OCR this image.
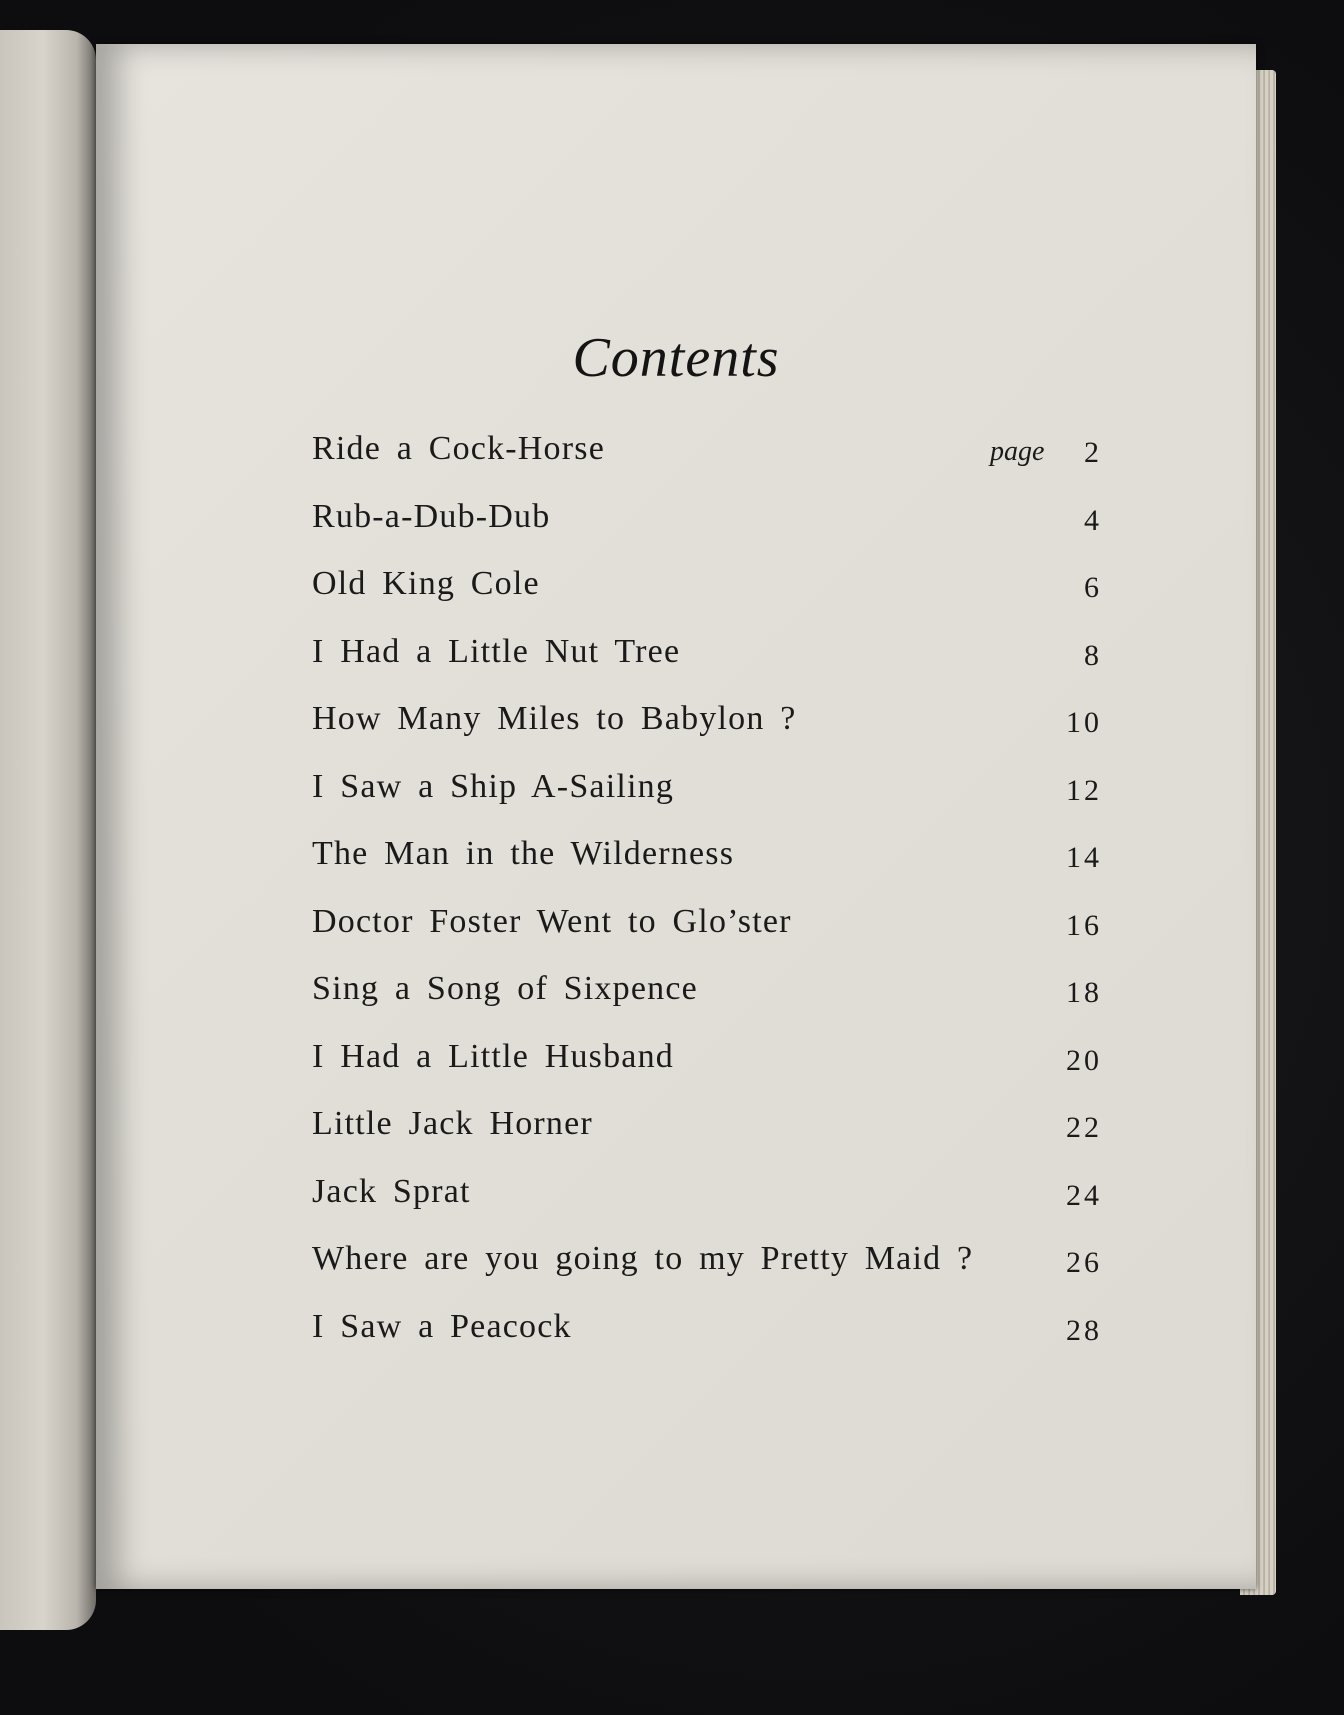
Contents
Ride a Cock-Horse	page 2
Rub-a-Dub-Dub	4
Old King Cole	6
I Had a Little Nut Tree	8
How Many Miles to Babylon ?	10
I Saw a Ship A-Sailing	12
The Man in the Wilderness	14
Doctor Foster Went to Glo’ster	16
Sing a Song of Sixpence	18
I Had a Little Husband	20
Little Jack Horner	22
Jack Sprat	24
Where are you going to my Pretty Maid ?	26
I Saw a Peacock	28
